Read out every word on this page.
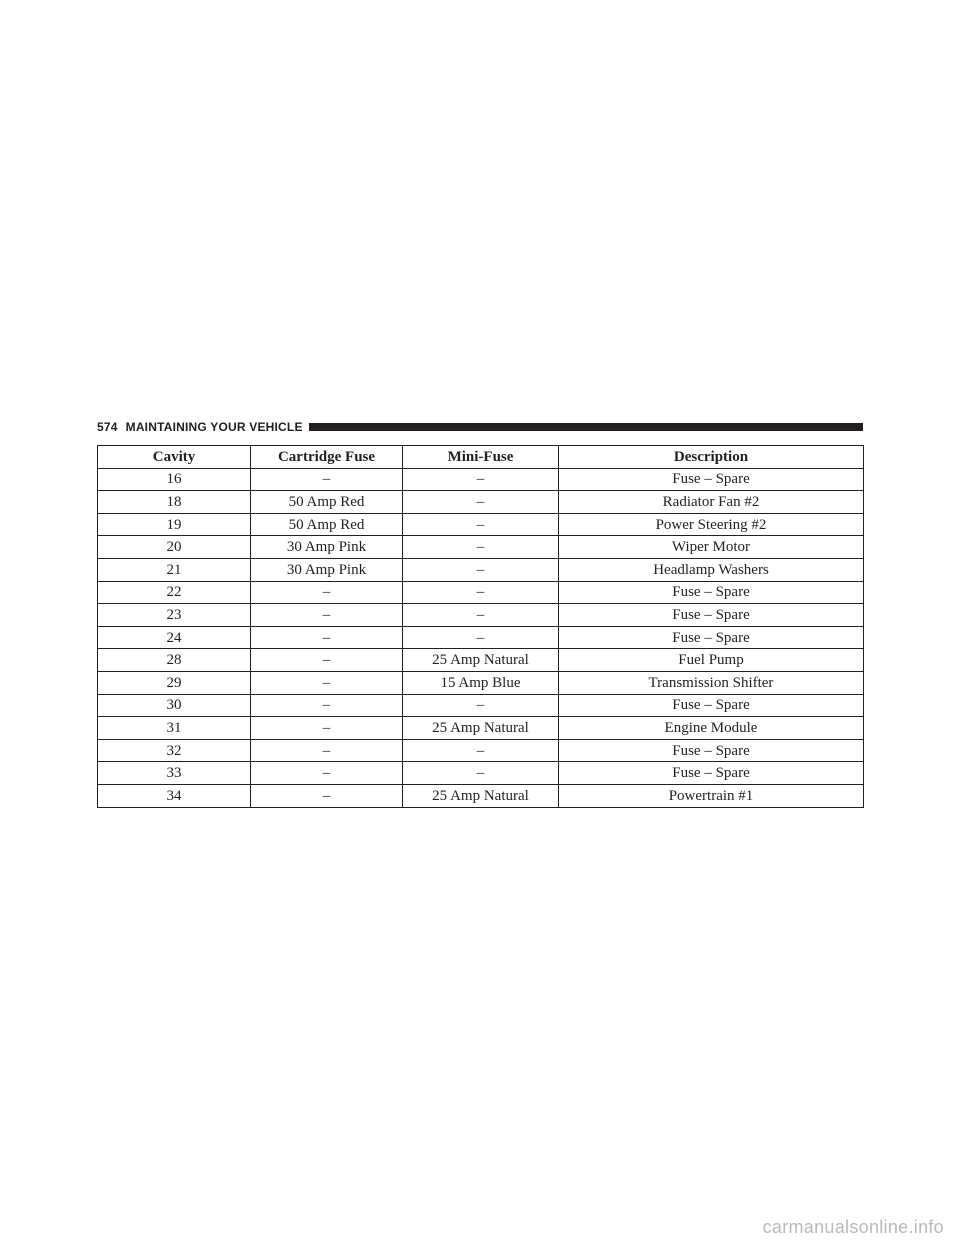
574 MAINTAINING YOUR VEHICLE
Cavity	Cartridge Fuse	Mini-Fuse	Description
16	–	–	Fuse – Spare
18	50 Amp Red	–	Radiator Fan #2
19	50 Amp Red	–	Power Steering #2
20	30 Amp Pink	–	Wiper Motor
21	30 Amp Pink	–	Headlamp Washers
22	–	–	Fuse – Spare
23	–	–	Fuse – Spare
24	–	–	Fuse – Spare
28	–	25 Amp Natural	Fuel Pump
29	–	15 Amp Blue	Transmission Shifter
30	–	–	Fuse – Spare
31	–	25 Amp Natural	Engine Module
32	–	–	Fuse – Spare
33	–	–	Fuse – Spare
34	–	25 Amp Natural	Powertrain #1
carmanualsonline.info
